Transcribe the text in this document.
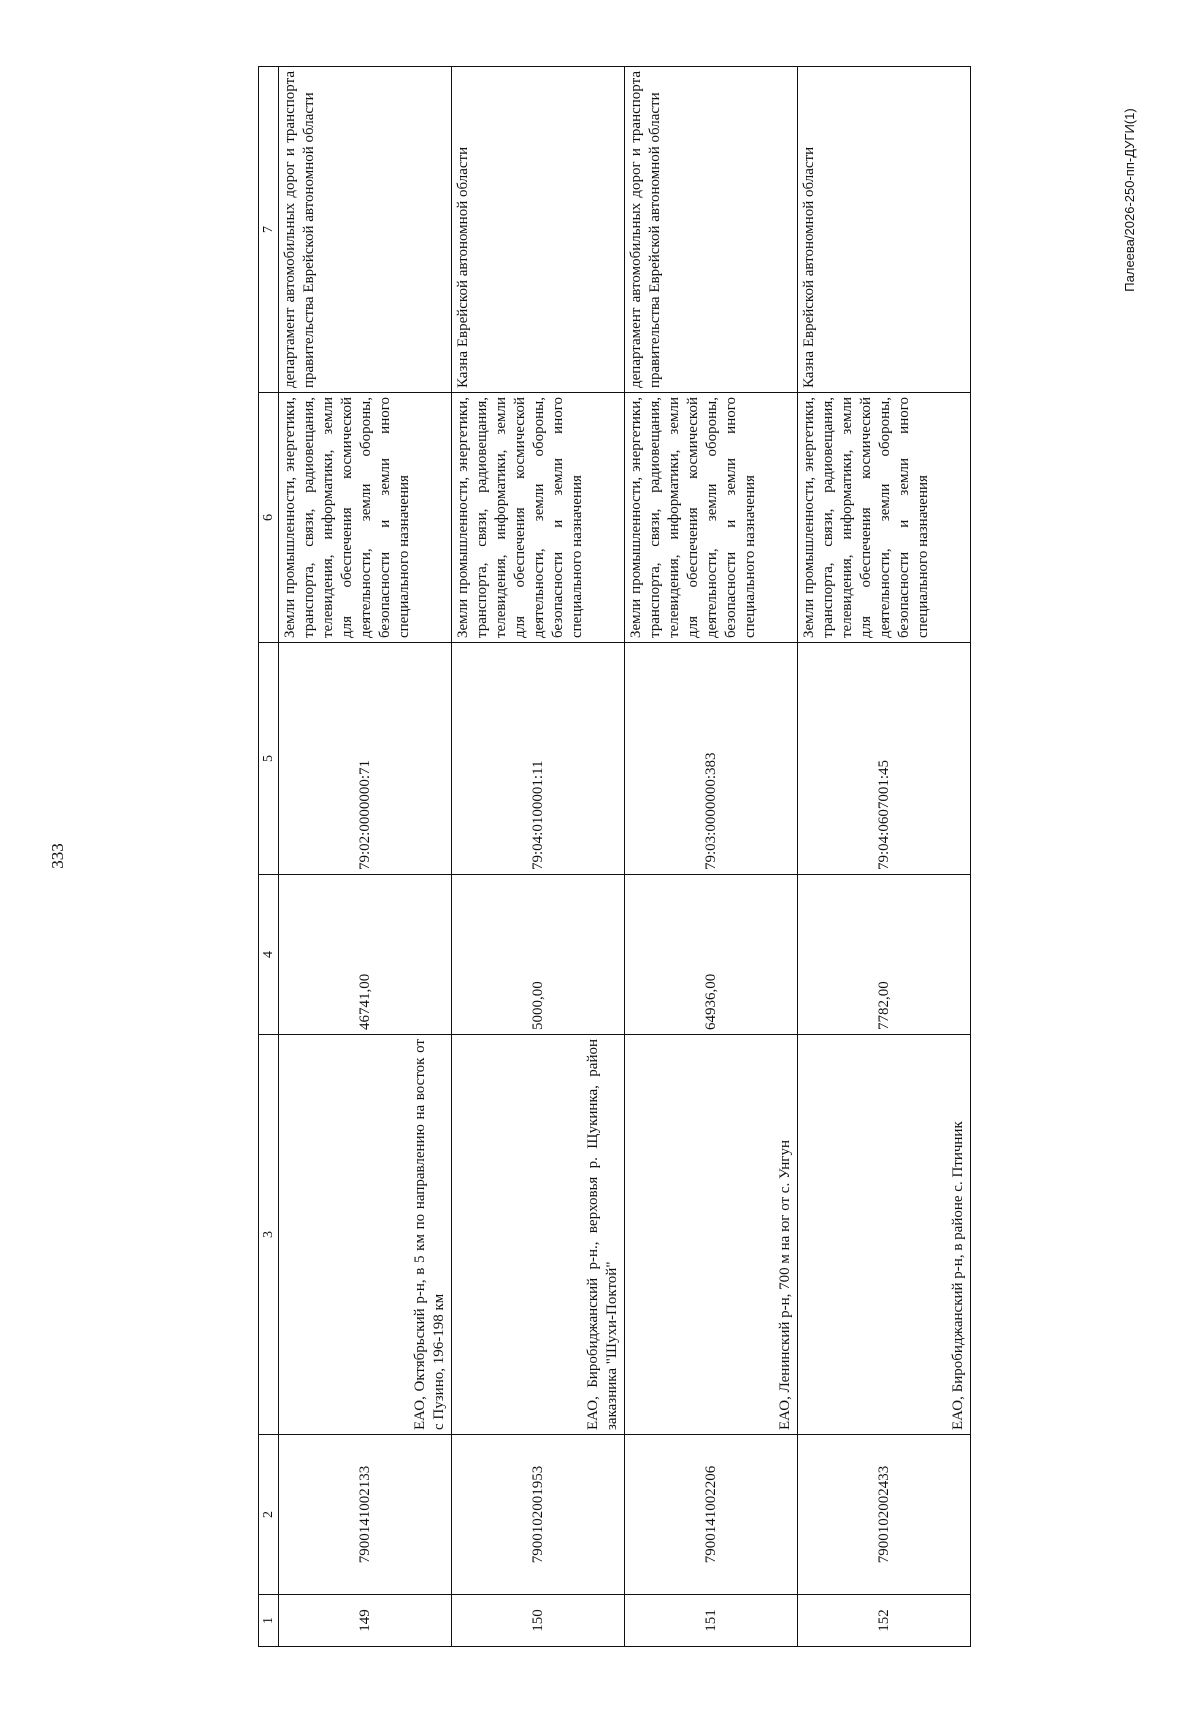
333
1	2	3	4	5	6	7
149	7900141002133	ЕАО, Октябрьский р-н, в 5 км по направлению на восток от с Пузино, 196-198 км	46741,00	79:02:0000000:71	Земли промышленности, энергетики, транспорта, связи, радиовещания, телевидения, информатики, земли для обеспечения космической деятельности, земли обороны, безопасности и земли иного специального назначения	департамент автомобильных дорог и транспорта правительства Еврейской автономной области
150	7900102001953	ЕАО, Биробиджанский р-н., верховья р. Щукинка, район заказника "Шухи-Поктой"	5000,00	79:04:0100001:11	Земли промышленности, энергетики, транспорта, связи, радиовещания, телевидения, информатики, земли для обеспечения космической деятельности, земли обороны, безопасности и земли иного специального назначения	Казна Еврейской автономной области
151	7900141002206	ЕАО, Ленинский р-н, 700 м на юг от с. Унгун	64936,00	79:03:0000000:383	Земли промышленности, энергетики, транспорта, связи, радиовещания, телевидения, информатики, земли для обеспечения космической деятельности, земли обороны, безопасности и земли иного специального назначения	департамент автомобильных дорог и транспорта правительства Еврейской автономной области
152	7900102002433	ЕАО, Биробиджанский р-н, в районе с. Птичник	7782,00	79:04:0607001:45	Земли промышленности, энергетики, транспорта, связи, радиовещания, телевидения, информатики, земли для обеспечения космической деятельности, земли обороны, безопасности и земли иного специального назначения	Казна Еврейской автономной области	Палеева/2026-250-пп-ДУГИ(1)
